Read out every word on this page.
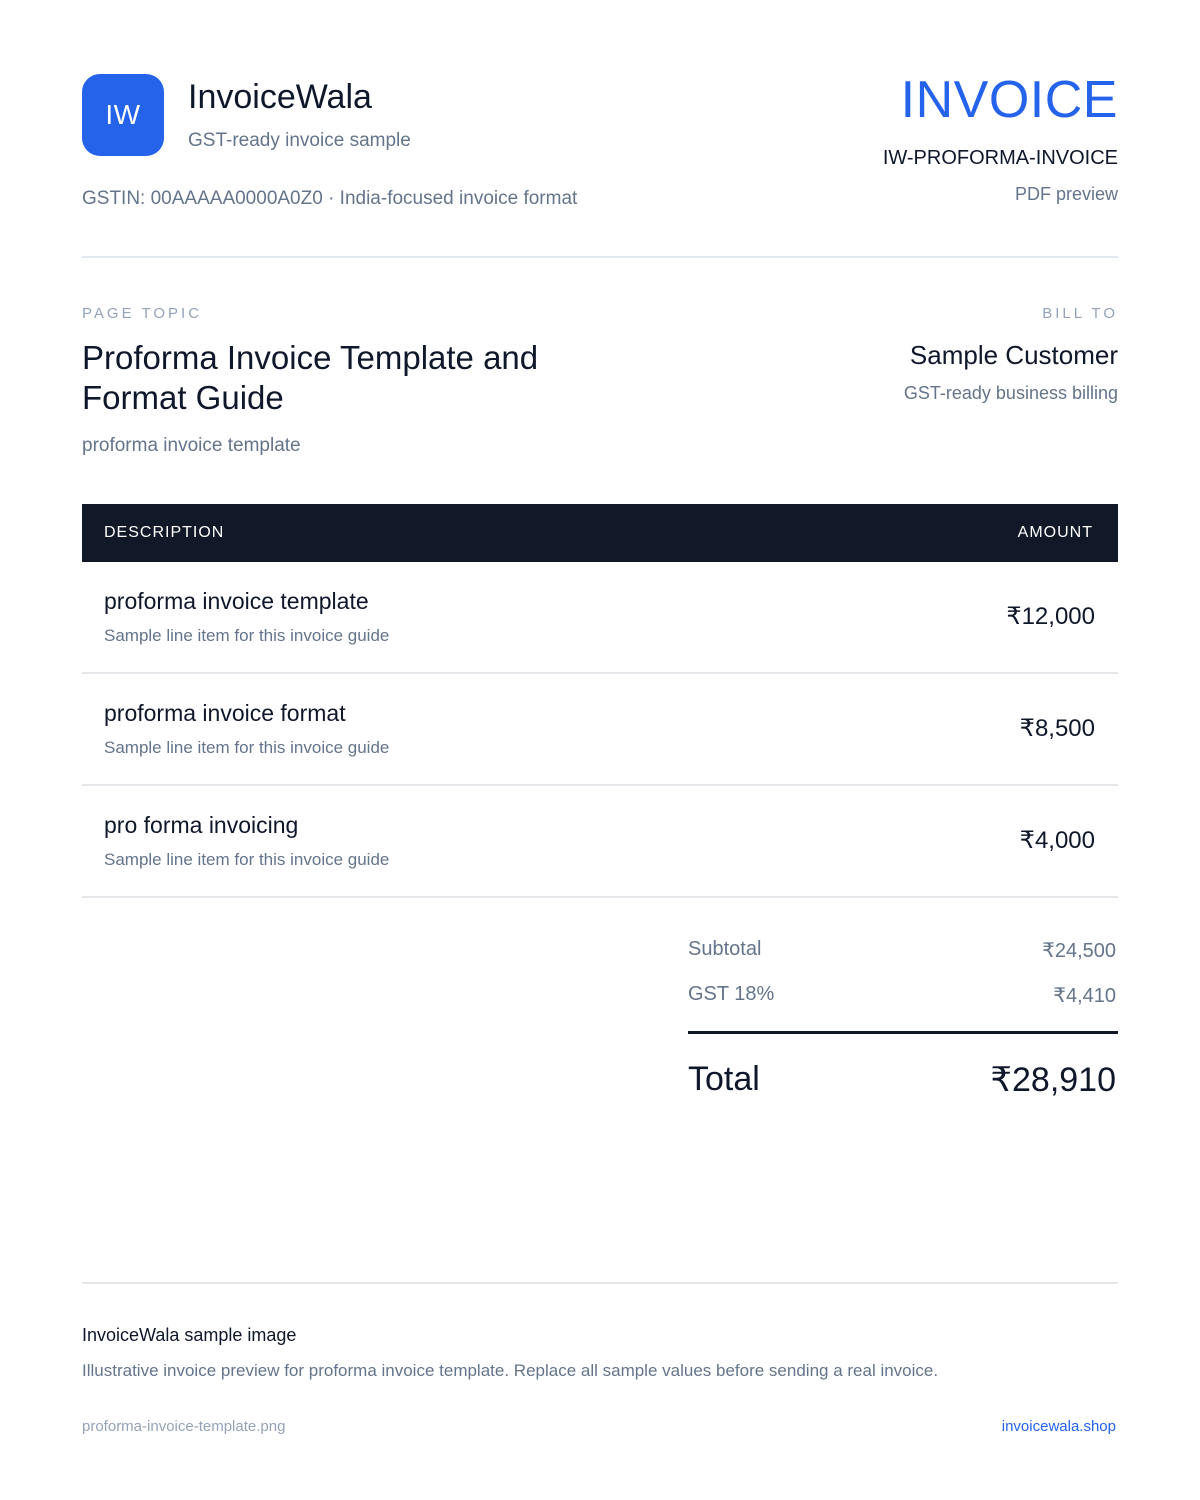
IW	InvoiceWala
GST-ready invoice sample
GSTIN: 00AAAAA0000A0Z0 · India-focused invoice format
INVOICE
IW-PROFORMA-INVOICE
PDF preview
PAGE TOPIC
Proforma Invoice Template and Format Guide
proforma invoice template
BILL TO
Sample Customer
GST-ready business billing
DESCRIPTION	AMOUNT
proforma invoice template
Sample line item for this invoice guide
₹12,000
proforma invoice format
Sample line item for this invoice guide
₹8,500
pro forma invoicing
Sample line item for this invoice guide
₹4,000
Subtotal	₹24,500
GST 18%	₹4,410
Total	₹28,910
InvoiceWala sample image
Illustrative invoice preview for proforma invoice template. Replace all sample values before sending a real invoice.
proforma-invoice-template.png	invoicewala.shop
